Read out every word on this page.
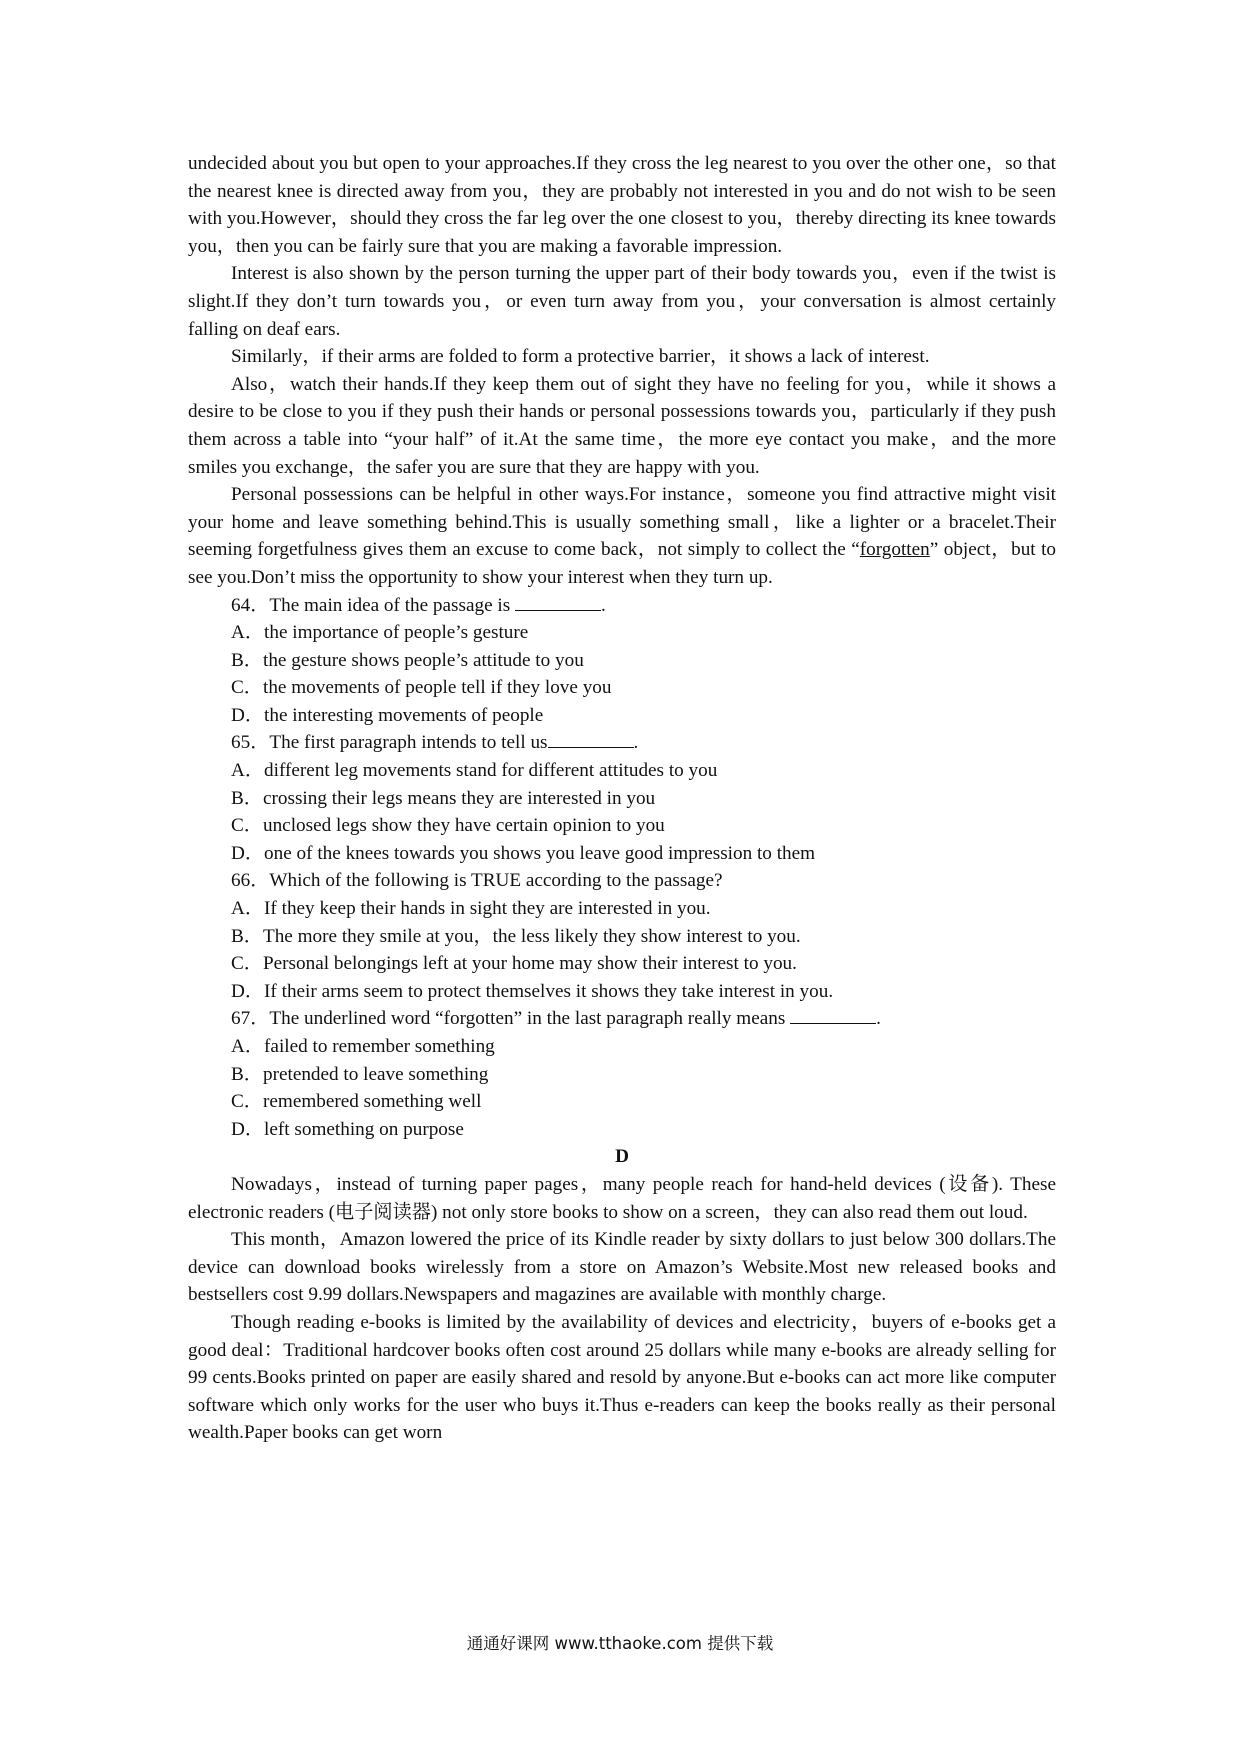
undecided about you but open to your approaches.If they cross the leg nearest to you over the other one，so that the nearest knee is directed away from you，they are probably not interested in you and do not wish to be seen with you.However，should they cross the far leg over the one closest to you，thereby directing its knee towards you，then you can be fairly sure that you are making a favorable impression.

Interest is also shown by the person turning the upper part of their body towards you，even if the twist is slight.If they don’t turn towards you，or even turn away from you，your conversation is almost certainly falling on deaf ears.

Similarly，if their arms are folded to form a protective barrier，it shows a lack of interest.

Also，watch their hands.If they keep them out of sight they have no feeling for you，while it shows a desire to be close to you if they push their hands or personal possessions towards you，particularly if they push them across a table into “your half” of it.At the same time，the more eye contact you make，and the more smiles you exchange，the safer you are sure that they are happy with you.

Personal possessions can be helpful in other ways.For instance，someone you find attractive might visit your home and leave something behind.This is usually something small，like a lighter or a bracelet.Their seeming forgetfulness gives them an excuse to come back，not simply to collect the “forgotten” object，but to see you.Don’t miss the opportunity to show your interest when they turn up.

64．The main idea of the passage is	.

A．the importance of people’s gesture

B．the gesture shows people’s attitude to you

C．the movements of people tell if they love you

D．the interesting movements of people

65．The first paragraph intends to tell us	.

A．different leg movements stand for different attitudes to you

B．crossing their legs means they are interested in you

C．unclosed legs show they have certain opinion to you

D．one of the knees towards you shows you leave good impression to them

66．Which of the following is TRUE according to the passage?

A．If they keep their hands in sight they are interested in you.

B．The more they smile at you，the less likely they show interest to you.

C．Personal belongings left at your home may show their interest to you.

D．If their arms seem to protect themselves it shows they take interest in you.

67．The underlined word “forgotten” in the last paragraph really means	.

A．failed to remember something

B．pretended to leave something

C．remembered something well

D．left something on purpose

D

Nowadays，instead of turning paper pages，many people reach for hand-held devices (设备). These electronic readers (电子阅读器) not only store books to show on a screen，they can also read them out loud.

This month，Amazon lowered the price of its Kindle reader by sixty dollars to just below 300 dollars.The device can download books wirelessly from a store on Amazon’s Website.Most new released books and bestsellers cost 9.99 dollars.Newspapers and magazines are available with monthly charge.

Though reading e-books is limited by the availability of devices and electricity，buyers of e-books get a good deal：Traditional hardcover books often cost around 25 dollars while many e-books are already selling for 99 cents.Books printed on paper are easily shared and resold by anyone.But e-books can act more like computer software which only works for the user who buys it.Thus e-readers can keep the books really as their personal wealth.Paper books can get worn

通通好课网 www.tthaoke.com 提供下载
